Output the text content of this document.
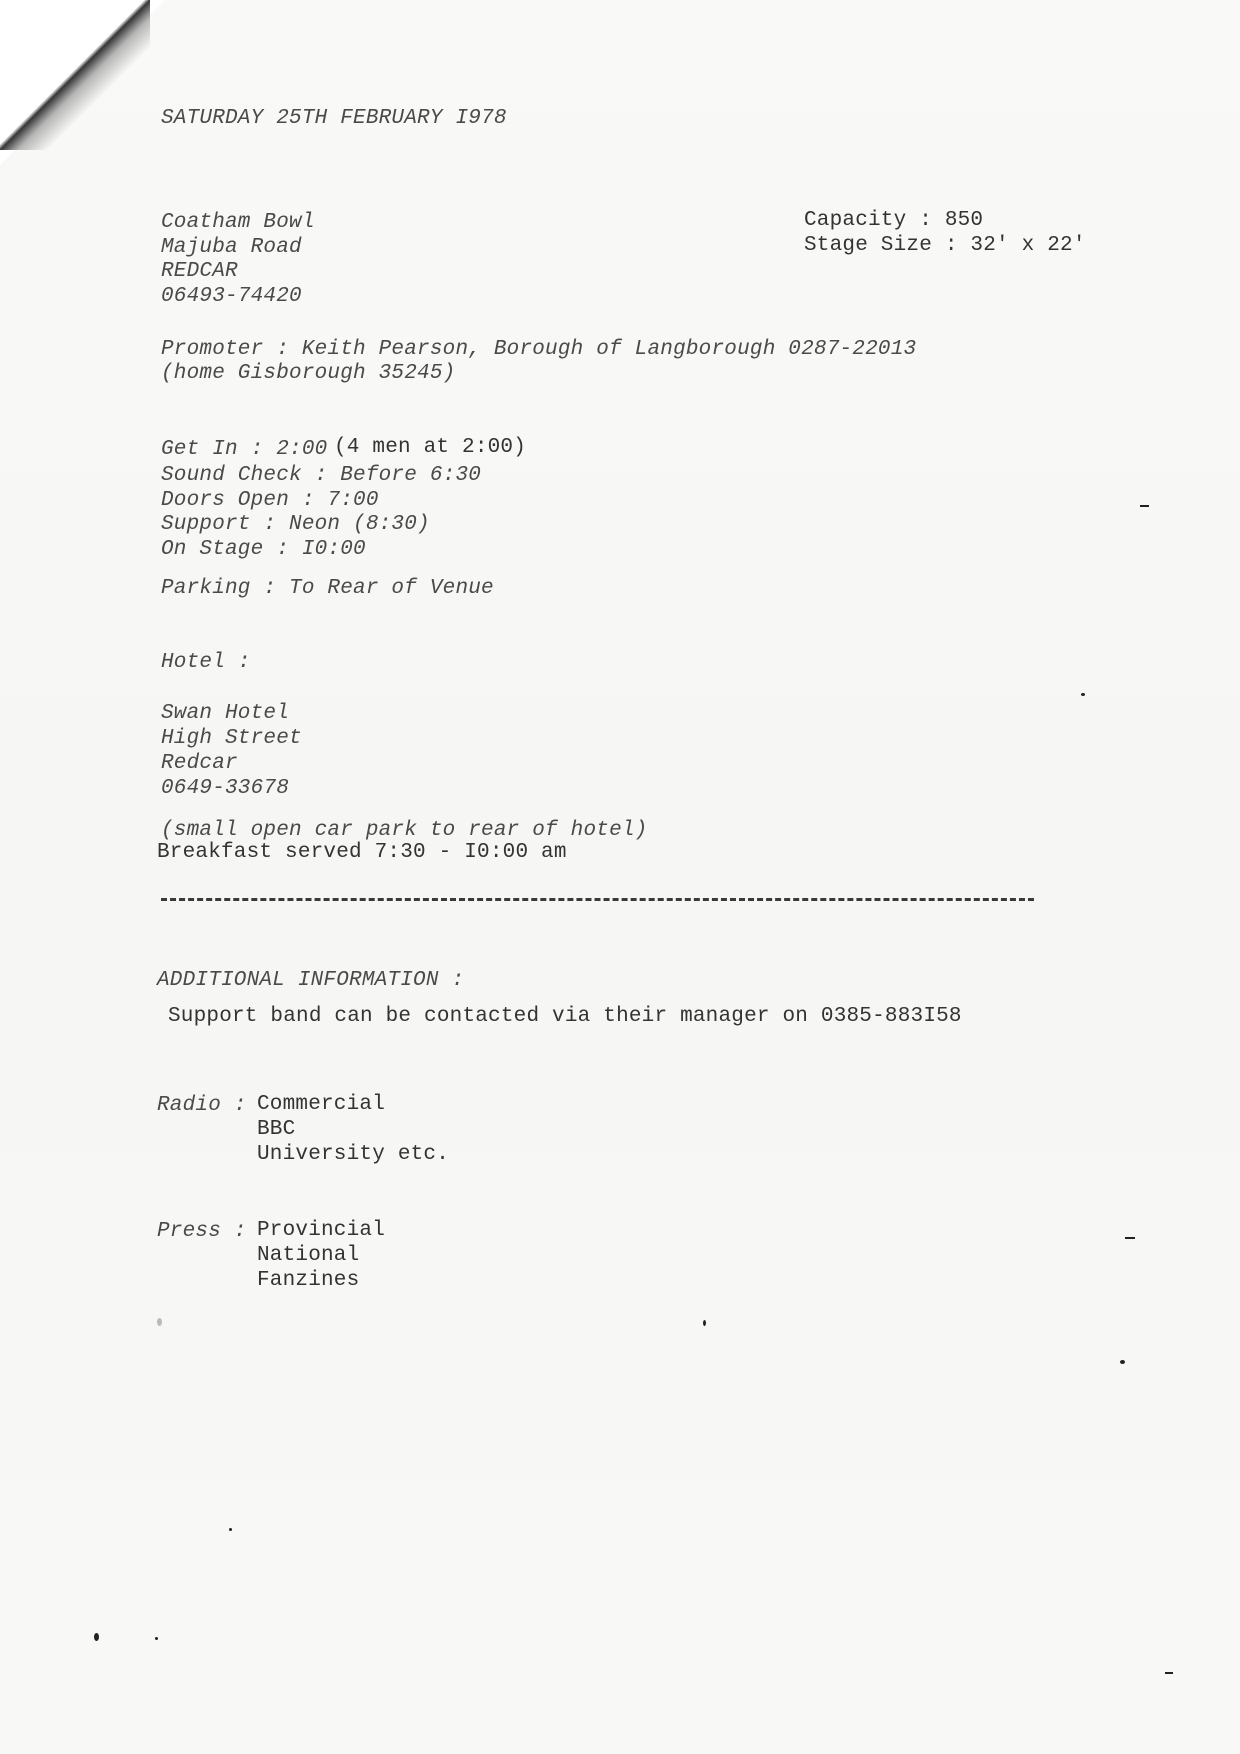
SATURDAY 25TH FEBRUARY I978
Coatham Bowl
Majuba Road
REDCAR
06493-74420
Capacity : 850
Stage Size : 32' x 22'
Promoter : Keith Pearson, Borough of Langborough 0287-22013
(home Gisborough 35245)
Get In : 2:00 (4 men at 2:00)
Sound Check : Before 6:30
Doors Open : 7:00
Support : Neon (8:30)
On Stage : I0:00
Parking : To Rear of Venue
Hotel :
Swan Hotel
High Street
Redcar
0649-33678
(small open car park to rear of hotel)
Breakfast served 7:30 - I0:00 am
ADDITIONAL INFORMATION :
Support band can be contacted via their manager on 0385-883I58
Radio : Commercial
BBC
University etc.
Press : Provincial
National
Fanzines
